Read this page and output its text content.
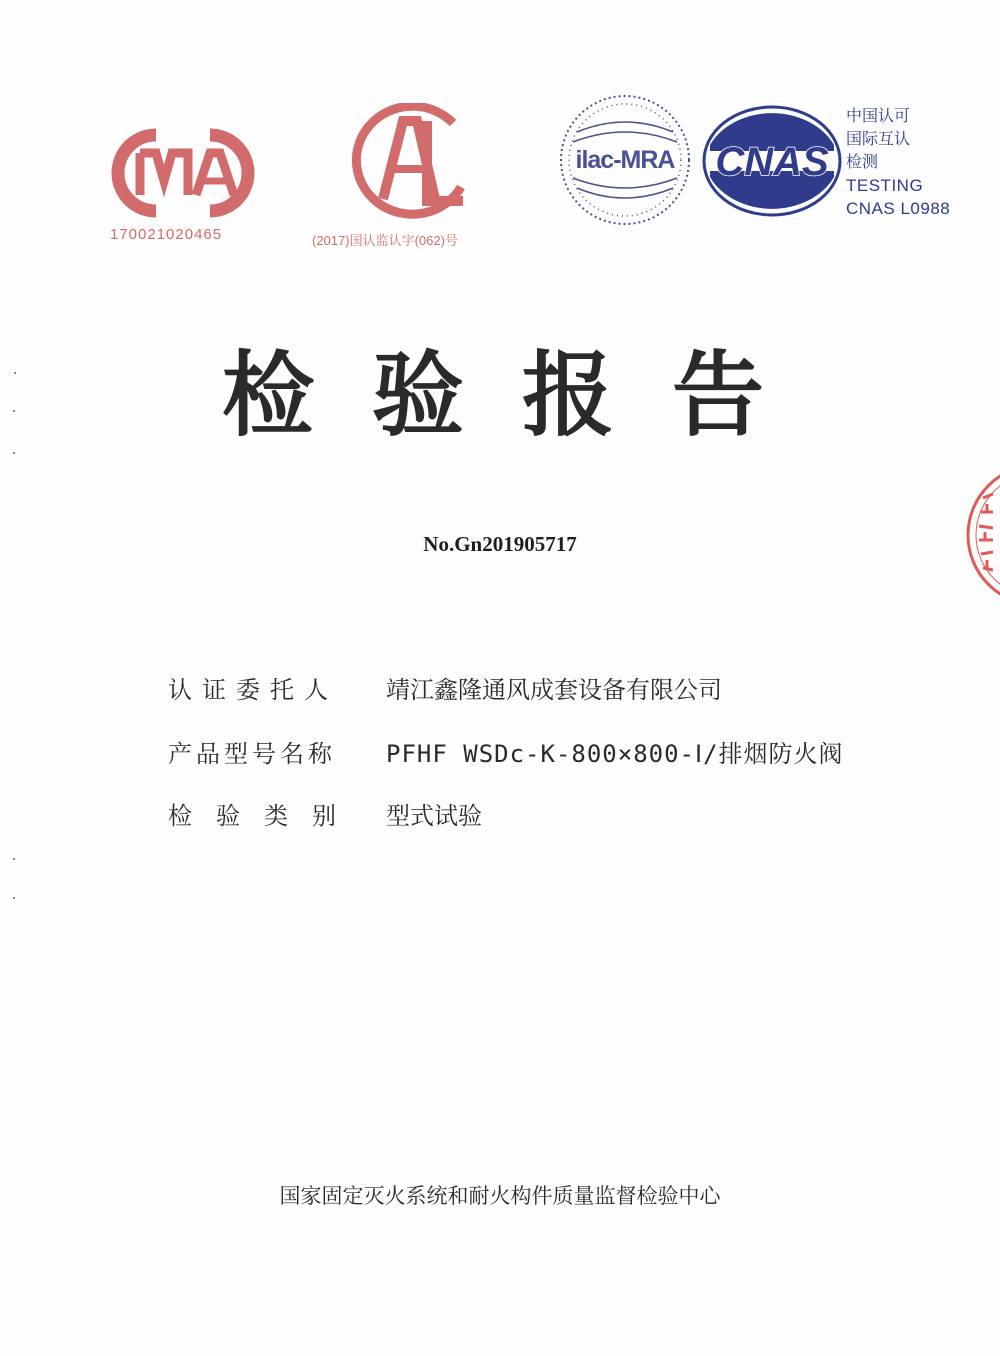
170021020465	(2017)国认监认字(062)号
ilac-MRA CNAS
中国认可
国际互认
检测
TESTING
CNAS L0988
检验报告
No.Gn201905717
认证委托人 靖江鑫隆通风成套设备有限公司
产品型号名称 PFHF WSDc-K-800×800-Ⅰ/排烟防火阀
检验类别 型式试验
国家固定灭火系统和耐火构件质量监督检验中心
